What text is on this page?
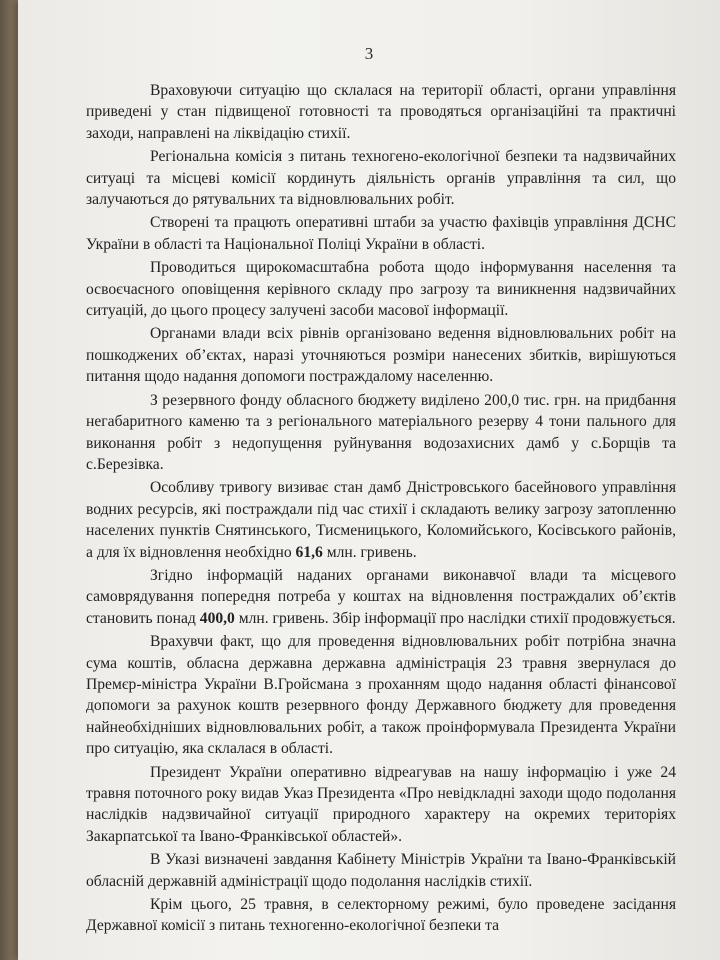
3

Враховуючи ситуацію що склалася на території області, органи управління приведені у стан підвищеної готовності та проводяться організаційні та практичні заходи, направлені на ліквідацію стихії.

Регіональна комісія з питань техногено-екологічної безпеки та надзвичайних ситуаці та місцеві комісії кординуть діяльність органів управління та сил, що залучаються до рятувальних та відновлювальних робіт.

Створені та працють оперативні штаби за участю фахівців управління ДСНС України в області та Національної Поліці України в області.

Проводиться щирокомасштабна робота щодо інформування населення та освоєчасного оповіщення керівного складу про загрозу та виникнення надзвичайних ситуацій, до цього процесу залучені засоби масової інформації.

Органами влади всіх рівнів організовано ведення відновлювальних робіт на пошкоджених об’єктах, наразі уточняються розміри нанесених збитків, вирішуються питання щодо надання допомоги постраждалому населенню.

З резервного фонду обласного бюджету виділено 200,0 тис. грн. на придбання негабаритного каменю та з регіонального матеріального резерву 4 тони пального для виконання робіт з недопущення руйнування водозахисних дамб у с.Борщів та с.Березівка.

Особливу тривогу визиває стан дамб Дністровського басейнового управління водних ресурсів, які постраждали під час стихії і складають велику загрозу затопленню населених пунктів Снятинського, Тисменицького, Коломийського, Косівського районів, а для їх відновлення необхідно 61,6 млн. гривень.

Згідно інформацій наданих органами виконавчої влади та місцевого самоврядування попередня потреба у коштах на відновлення постраждалих об’єктів становить понад 400,0 млн. гривень. Збір інформації про наслідки стихії продовжується.

Врахувчи факт, що для проведення відновлювальних робіт потрібна значна сума коштів, обласна державна державна адміністрація 23 травня звернулася до Премєр-міністра України В.Гройсмана з проханням щодо надання області фінансової допомоги за рахунок коштв резервного фонду Державного бюджету для проведення найнеобхідніших відновлювальних робіт, а також проінформувала Президента України про ситуацію, яка склалася в області.

Президент України оперативно відреагував на нашу інформацію і уже 24 травня поточного року видав Указ Президента «Про невідкладні заходи щодо подолання наслідків надзвичайної ситуації природного характеру на окремих територіях Закарпатської та Івано-Франківської областей».

В Указі визначені завдання Кабінету Міністрів України та Івано-Франківській обласній державній адміністрації щодо подолання наслідків стихії.

Крім цього, 25 травня, в селекторному режимі, було проведене засідання Державної комісії з питань техногенно-екологічної безпеки та
